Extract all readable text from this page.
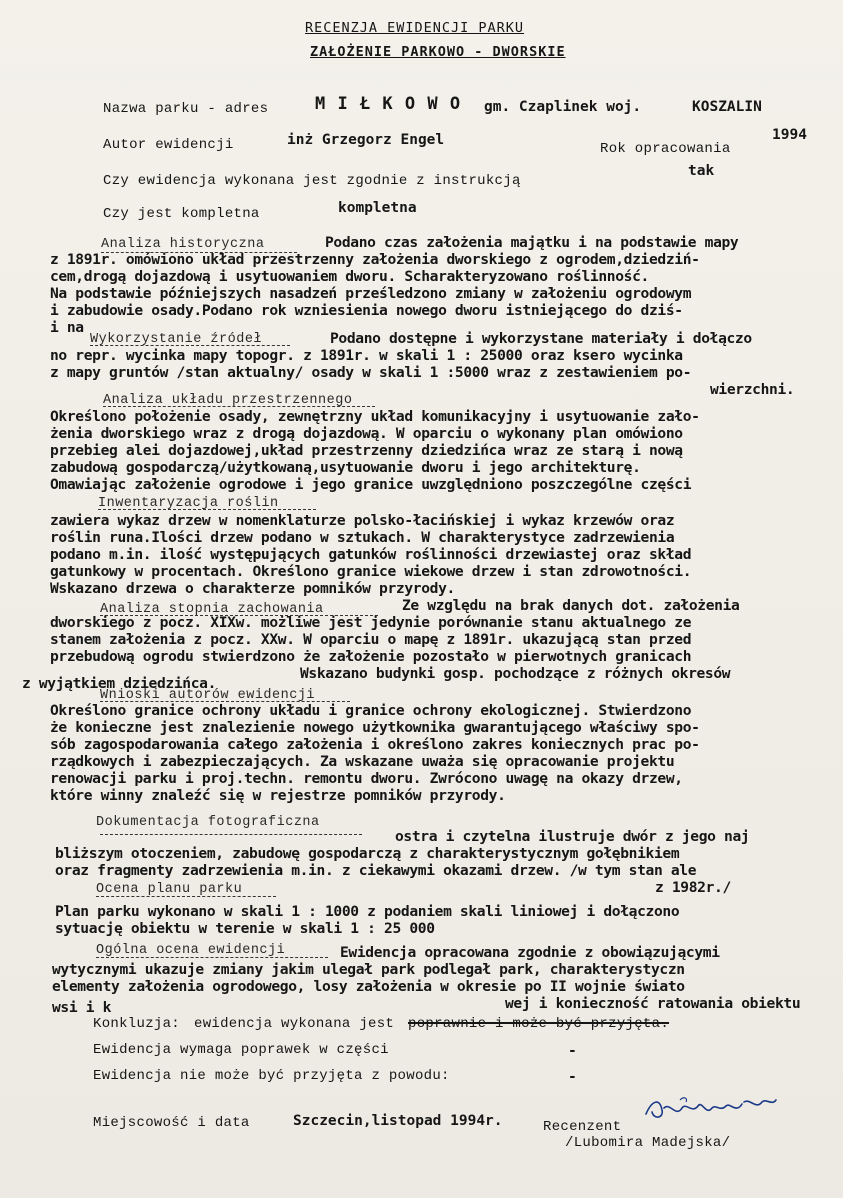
RECENZJA EWIDENCJI PARKU
ZAŁOŻENIE PARKOWO - DWORSKIE
Nazwa parku - adres	M I Ł K O W O gm. Czaplinek woj.	KOSZALIN
Autor ewidencji	inż Grzegorz Engel
Rok opracowania
1994
Czy ewidencja wykonana jest zgodnie z instrukcją
tak
Czy jest kompletna	kompletna
Analiza historyczna	Podano czas założenia majątku i na podstawie mapy
z 1891r. omówiono układ przestrzenny założenia dworskiego z ogrodem,dziedziń-
cem,drogą dojazdową i usytuowaniem dworu. Scharakteryzowano roślinność.
Na podstawie późniejszych nasadzeń prześledzono zmiany w założeniu ogrodowym
i zabudowie osady.Podano rok wzniesienia nowego dworu istniejącego do dziś-
i na
Wykorzystanie źródeł	Podano dostępne i wykorzystane materiały i dołączo
no repr. wycinka mapy topogr. z 1891r. w skali 1 : 25000 oraz ksero wycinka
z mapy gruntów /stan aktualny/ osady w skali 1 :5000 wraz z zestawieniem po-
wierzchni.
Analiza układu przestrzennego
Określono położenie osady, zewnętrzny układ komunikacyjny i usytuowanie zało-
żenia dworskiego wraz z drogą dojazdową. W oparciu o wykonany plan omówiono
przebieg alei dojazdowej,układ przestrzenny dziedzińca wraz ze starą i nową
zabudową gospodarczą/użytkowaną,usytuowanie dworu i jego architekturę.
Omawiając założenie ogrodowe i jego granice uwzględniono poszczególne części
Inwentaryzacja roślin
zawiera wykaz drzew w nomenklaturze polsko-łacińskiej i wykaz krzewów oraz
roślin runa.Ilości drzew podano w sztukach. W charakterystyce zadrzewienia
podano m.in. ilość występujących gatunków roślinności drzewiastej oraz skład
gatunkowy w procentach. Określono granice wiekowe drzew i stan zdrowotności.
Wskazano drzewa o charakterze pomników przyrody.
Analiza stopnia zachowania	Ze względu na brak danych dot. założenia
dworskiego z pocz. XIXw. możliwe jest jedynie porównanie stanu aktualnego ze
stanem założenia z pocz. XXw. W oparciu o mapę z 1891r. ukazującą stan przed
przebudową ogrodu stwierdzono że założenie pozostało w pierwotnych granicach
Wskazano budynki gosp. pochodzące z różnych okresów
z wyjątkiem dziedzińca.
Wnioski autorów ewidencji
Określono granice ochrony układu i granice ochrony ekologicznej. Stwierdzono
że konieczne jest znalezienie nowego użytkownika gwarantującego właściwy spo-
sób zagospodarowania całego założenia i określono zakres koniecznych prac po-
rządkowych i zabezpieczających. Za wskazane uważa się opracowanie projektu
renowacji parku i proj.techn. remontu dworu. Zwrócono uwagę na okazy drzew,
które winny znaleźć się w rejestrze pomników przyrody.
Dokumentacja fotograficzna
ostra i czytelna ilustruje dwór z jego naj
bliższym otoczeniem, zabudowę gospodarczą z charakterystycznym gołębnikiem
oraz fragmenty zadrzewienia m.in. z ciekawymi okazami drzew. /w tym stan ale
z 1982r./
Ocena planu parku
Plan parku wykonano w skali 1 : 1000 z podaniem skali liniowej i dołączono
sytuację obiektu w terenie w skali 1 : 25 000
Ogólna ocena ewidencji	Ewidencja opracowana zgodnie z obowiązującymi
wytycznymi ukazuje zmiany jakim ulegał park podlegał park, charakterystyczn
elementy założenia ogrodowego, losy założenia w okresie po II wojnie świato
wej i konieczność ratowania obiektu
wsi i k
Konkluzja: ewidencja wykonana jest poprawnie i może być przyjęta.
Ewidencja wymaga poprawek w części	-
Ewidencja nie może być przyjęta z powodu:	-
Miejscowość i data	Szczecin,listopad 1994r.	Recenzent
/Lubomira Madejska/
